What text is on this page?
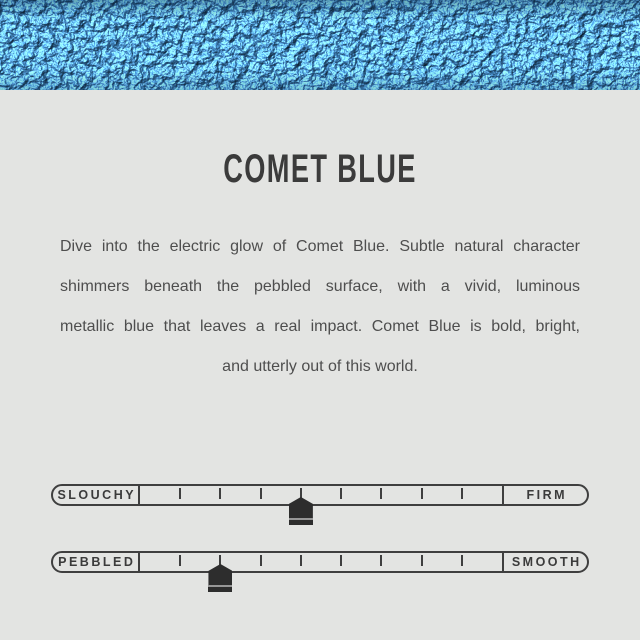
COMET BLUE
Dive into the electric glow of Comet Blue. Subtle natural character
shimmers beneath the pebbled surface, with a vivid, luminous
metallic blue that leaves a real impact. Comet Blue is bold, bright,
and utterly out of this world.
SLOUCHY	FIRM
PEBBLED	SMOOTH
